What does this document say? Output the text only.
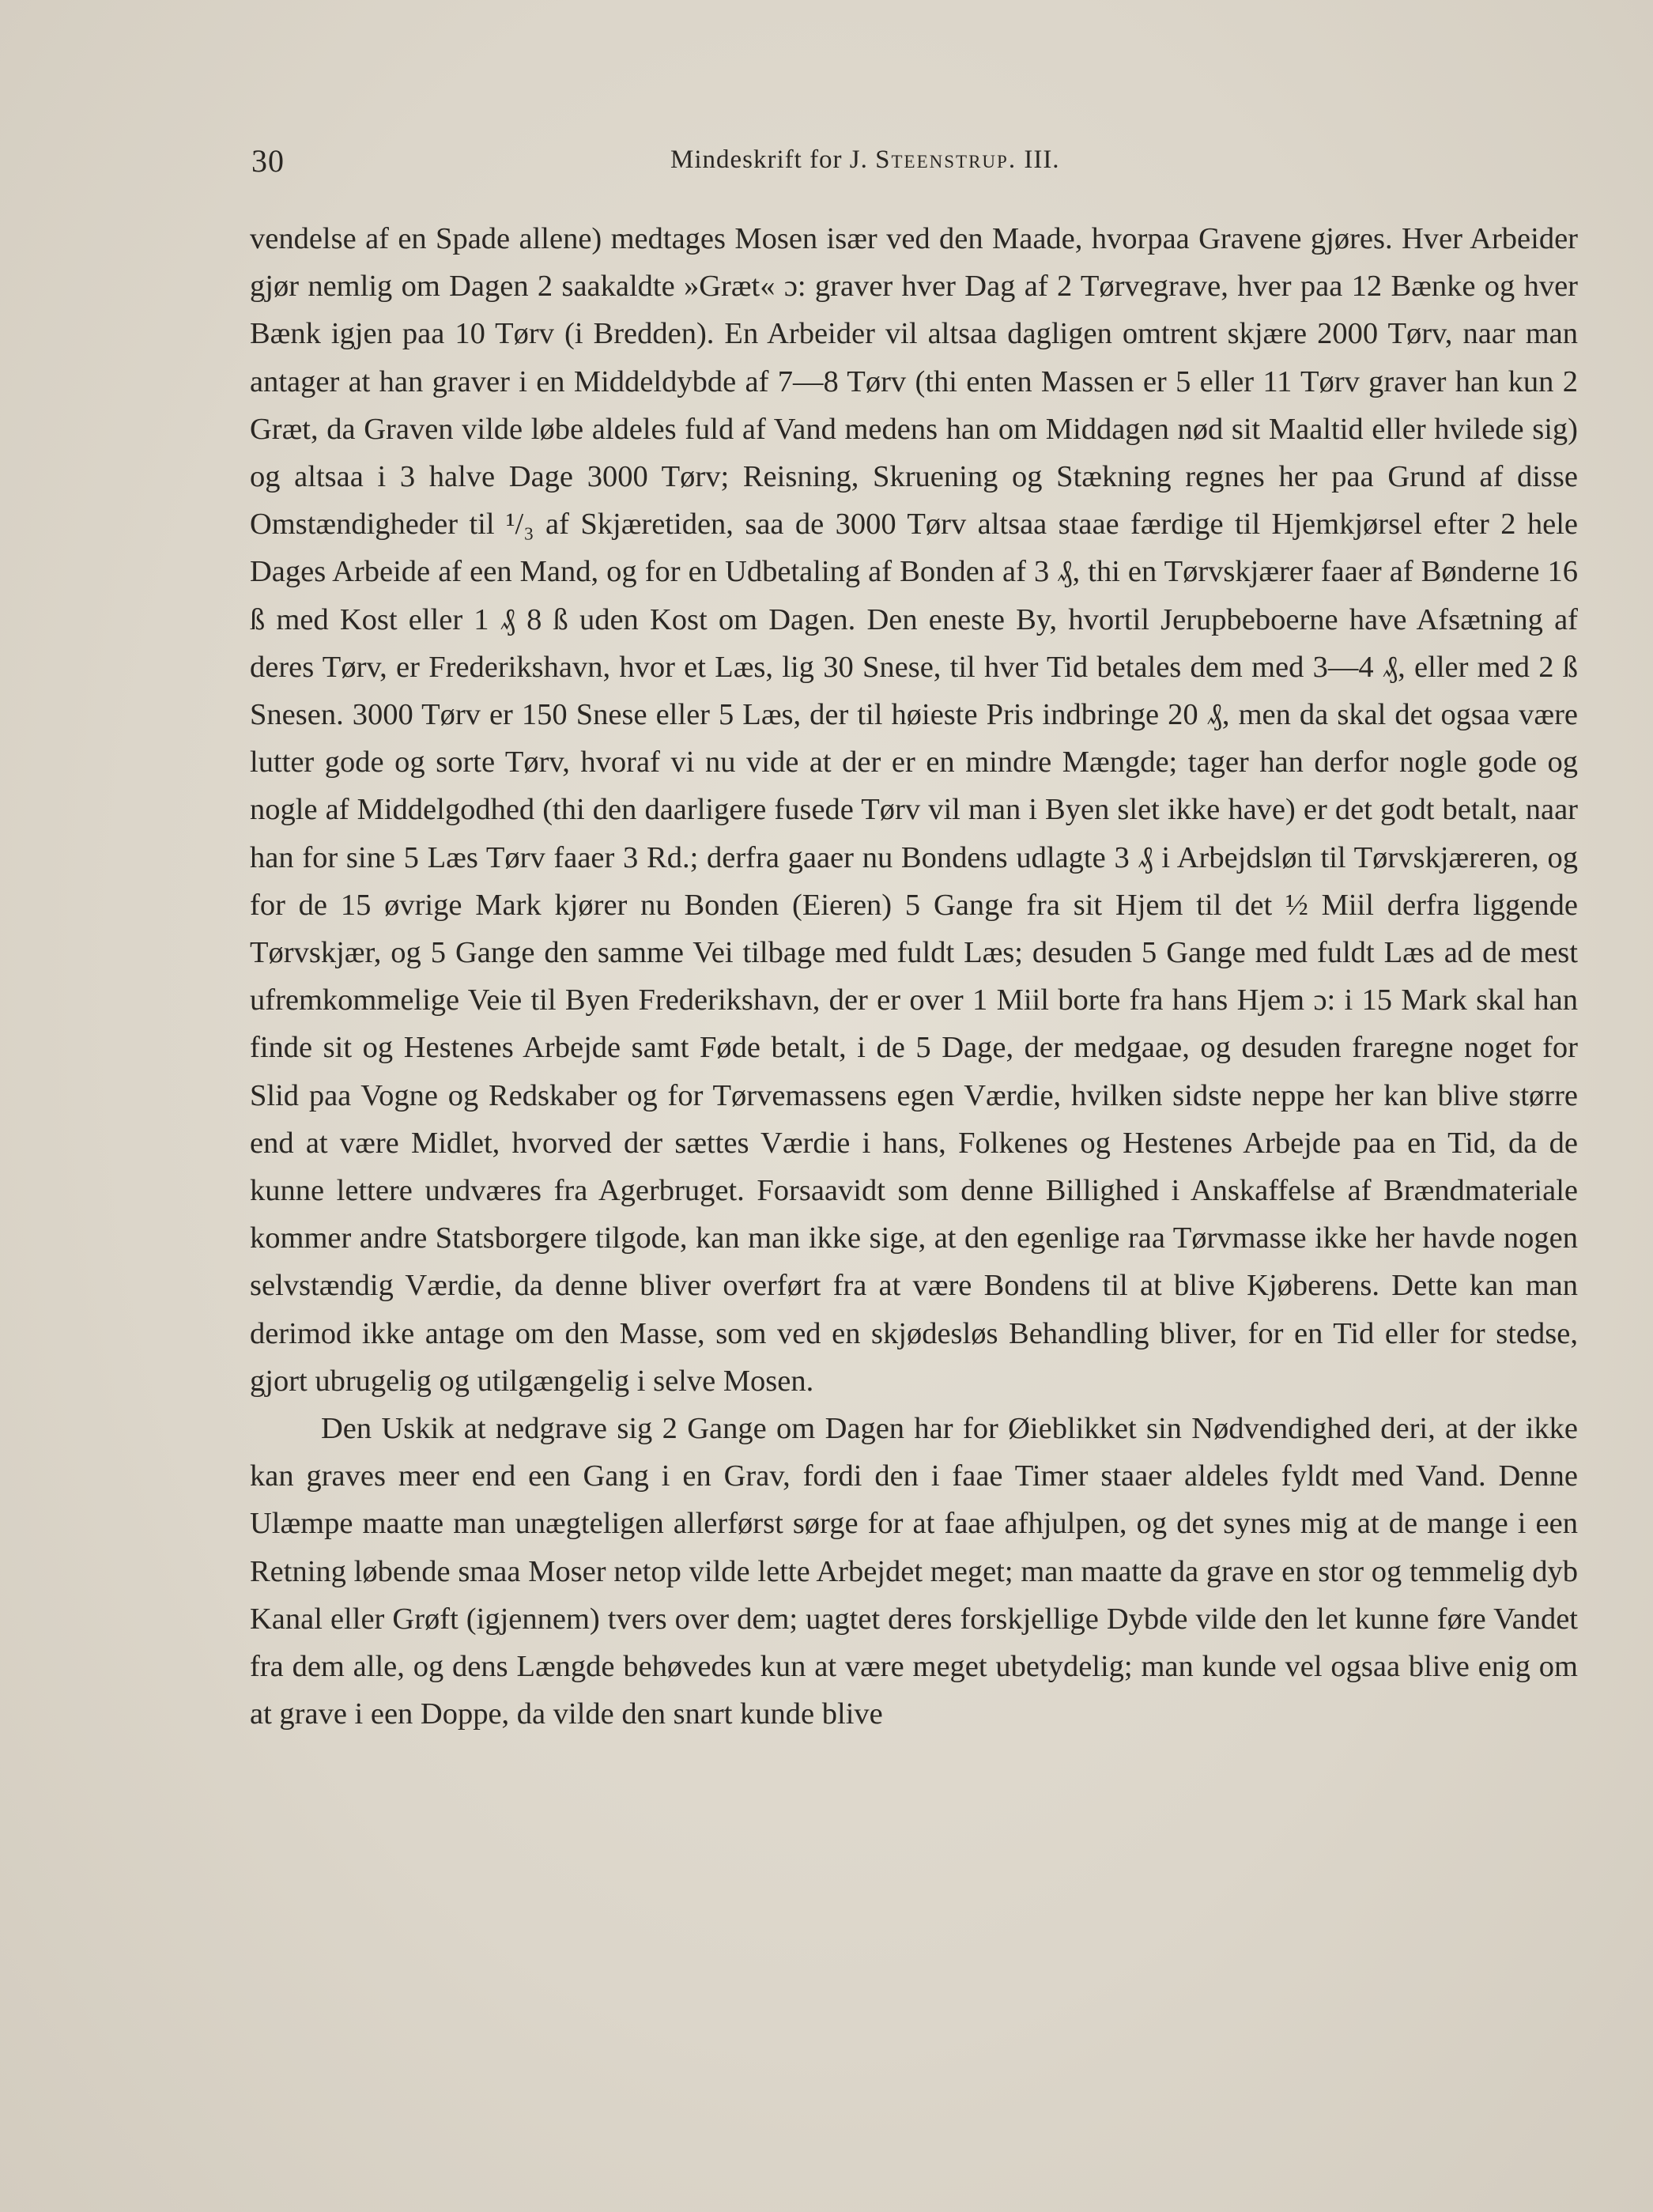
30	Mindeskrift for J. Steenstrup. III.

vendelse af en Spade allene) medtages Mosen især ved den Maade, hvorpaa Gravene gjøres. Hver Arbeider gjør nemlig om Dagen 2 saakaldte »Græt« ɔ: graver hver Dag af 2 Tørvegrave, hver paa 12 Bænke og hver Bænk igjen paa 10 Tørv (i Bredden). En Arbeider vil altsaa dagligen omtrent skjære 2000 Tørv, naar man antager at han graver i en Middeldybde af 7—8 Tørv (thi enten Massen er 5 eller 11 Tørv graver han kun 2 Græt, da Graven vilde løbe aldeles fuld af Vand medens han om Middagen nød sit Maaltid eller hvilede sig) og altsaa i 3 halve Dage 3000 Tørv; Reisning, Skruening og Stækning regnes her paa Grund af disse Omstændigheder til ¹/₃ af Skjæretiden, saa de 3000 Tørv altsaa staae færdige til Hjemkjørsel efter 2 hele Dages Arbeide af een Mand, og for en Udbetaling af Bonden af 3 ₰, thi en Tørvskjærer faaer af Bønderne 16 ß med Kost eller 1 ₰ 8 ß uden Kost om Dagen. Den eneste By, hvortil Jerupbeboerne have Afsætning af deres Tørv, er Frederikshavn, hvor et Læs, lig 30 Snese, til hver Tid betales dem med 3—4 ₰, eller med 2 ß Snesen. 3000 Tørv er 150 Snese eller 5 Læs, der til høieste Pris indbringe 20 ₰, men da skal det ogsaa være lutter gode og sorte Tørv, hvoraf vi nu vide at der er en mindre Mængde; tager han derfor nogle gode og nogle af Middelgodhed (thi den daarligere fusede Tørv vil man i Byen slet ikke have) er det godt betalt, naar han for sine 5 Læs Tørv faaer 3 Rd.; derfra gaaer nu Bondens udlagte 3 ₰ i Arbejdsløn til Tørvskjæreren, og for de 15 øvrige Mark kjører nu Bonden (Eieren) 5 Gange fra sit Hjem til det ½ Miil derfra liggende Tørvskjær, og 5 Gange den samme Vei tilbage med fuldt Læs; desuden 5 Gange med fuldt Læs ad de mest ufremkommelige Veie til Byen Frederikshavn, der er over 1 Miil borte fra hans Hjem ɔ: i 15 Mark skal han finde sit og Hestenes Arbejde samt Føde betalt, i de 5 Dage, der medgaae, og desuden fraregne noget for Slid paa Vogne og Redskaber og for Tørvemassens egen Værdie, hvilken sidste neppe her kan blive større end at være Midlet, hvorved der sættes Værdie i hans, Folkenes og Hestenes Arbejde paa en Tid, da de kunne lettere undværes fra Agerbruget. Forsaavidt som denne Billighed i Anskaffelse af Brændmateriale kommer andre Statsborgere tilgode, kan man ikke sige, at den egenlige raa Tørvmasse ikke her havde nogen selvstændig Værdie, da denne bliver overført fra at være Bondens til at blive Kjøberens. Dette kan man derimod ikke antage om den Masse, som ved en skjødesløs Behandling bliver, for en Tid eller for stedse, gjort ubrugelig og utilgængelig i selve Mosen.

Den Uskik at nedgrave sig 2 Gange om Dagen har for Øieblikket sin Nødvendighed deri, at der ikke kan graves meer end een Gang i en Grav, fordi den i faae Timer staaer aldeles fyldt med Vand. Denne Ulæmpe maatte man unægteligen allerførst sørge for at faae afhjulpen, og det synes mig at de mange i een Retning løbende smaa Moser netop vilde lette Arbejdet meget; man maatte da grave en stor og temmelig dyb Kanal eller Grøft (igjennem) tvers over dem; uagtet deres forskjellige Dybde vilde den let kunne føre Vandet fra dem alle, og dens Længde behøvedes kun at være meget ubetydelig; man kunde vel ogsaa blive enig om at grave i een Doppe, da vilde den snart kunde blive
